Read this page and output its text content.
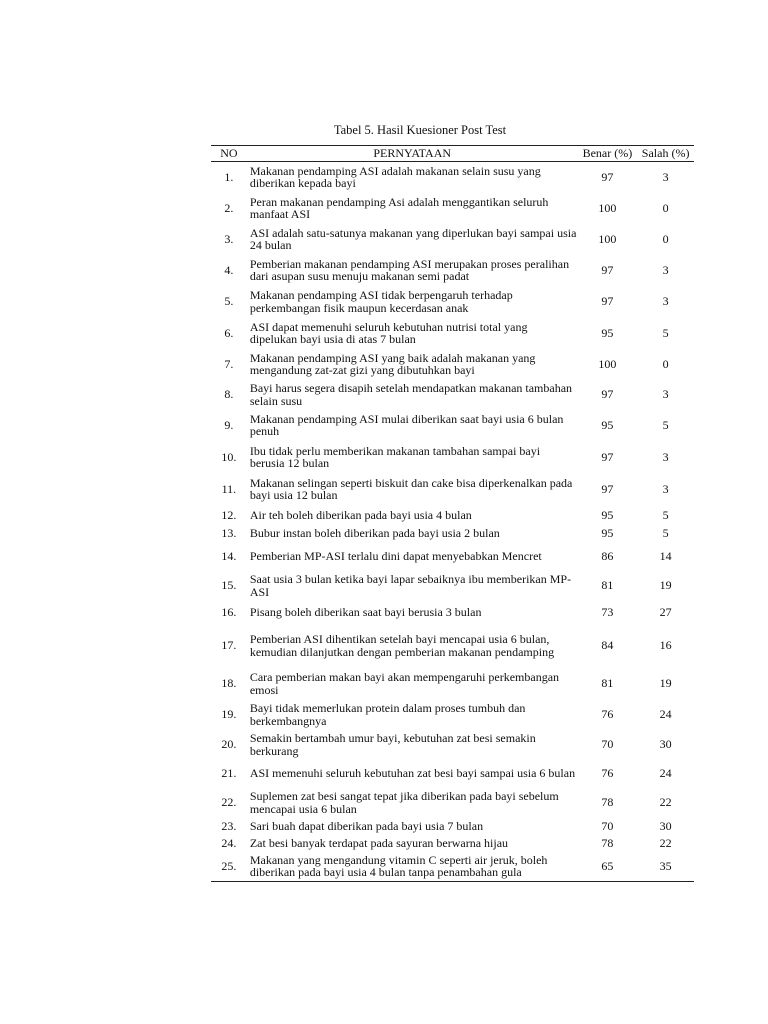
Tabel 5. Hasil Kuesioner Post Test
NO	PERNYATAAN	Benar (%)	Salah (%)
1.	Makanan pendamping ASI adalah makanan selain susu yang diberikan kepada bayi	97	3
2.	Peran makanan pendamping Asi adalah menggantikan seluruh manfaat ASI	100	0
3.	ASI adalah satu-satunya makanan yang diperlukan bayi sampai usia 24 bulan	100	0
4.	Pemberian makanan pendamping ASI merupakan proses peralihan dari asupan susu menuju makanan semi padat	97	3
5.	Makanan pendamping ASI tidak berpengaruh terhadap perkembangan fisik maupun kecerdasan anak	97	3
6.	ASI dapat memenuhi seluruh kebutuhan nutrisi total yang dipelukan bayi usia di atas 7 bulan	95	5
7.	Makanan pendamping ASI yang baik adalah makanan yang mengandung zat-zat gizi yang dibutuhkan bayi	100	0
8.	Bayi harus segera disapih setelah mendapatkan makanan tambahan selain susu	97	3
9.	Makanan pendamping ASI mulai diberikan saat bayi usia 6 bulan penuh	95	5
10.	Ibu tidak perlu memberikan makanan tambahan sampai bayi berusia 12 bulan	97	3
11.	Makanan selingan seperti biskuit dan cake bisa diperkenalkan pada bayi usia 12 bulan	97	3
12.	Air teh boleh diberikan pada bayi usia 4 bulan	95	5
13.	Bubur instan boleh diberikan pada bayi usia 2 bulan	95	5
14.	Pemberian MP-ASI terlalu dini dapat menyebabkan Mencret	86	14
15.	Saat usia 3 bulan ketika bayi lapar sebaiknya ibu memberikan MP-ASI	81	19
16.	Pisang boleh diberikan saat bayi berusia 3 bulan	73	27
17.	Pemberian ASI dihentikan setelah bayi mencapai usia 6 bulan, kemudian dilanjutkan dengan pemberian makanan pendamping	84	16
18.	Cara pemberian makan bayi akan mempengaruhi perkembangan emosi	81	19
19.	Bayi tidak memerlukan protein dalam proses tumbuh dan berkembangnya	76	24
20.	Semakin bertambah umur bayi, kebutuhan zat besi semakin berkurang	70	30
21.	ASI memenuhi seluruh kebutuhan zat besi bayi sampai usia 6 bulan	76	24
22.	Suplemen zat besi sangat tepat jika diberikan pada bayi sebelum mencapai usia 6 bulan	78	22
23.	Sari buah dapat diberikan pada bayi usia 7 bulan	70	30
24.	Zat besi banyak terdapat pada sayuran berwarna hijau	78	22
25.	Makanan yang mengandung vitamin C seperti air jeruk, boleh diberikan pada bayi usia 4 bulan tanpa penambahan gula	65	35
